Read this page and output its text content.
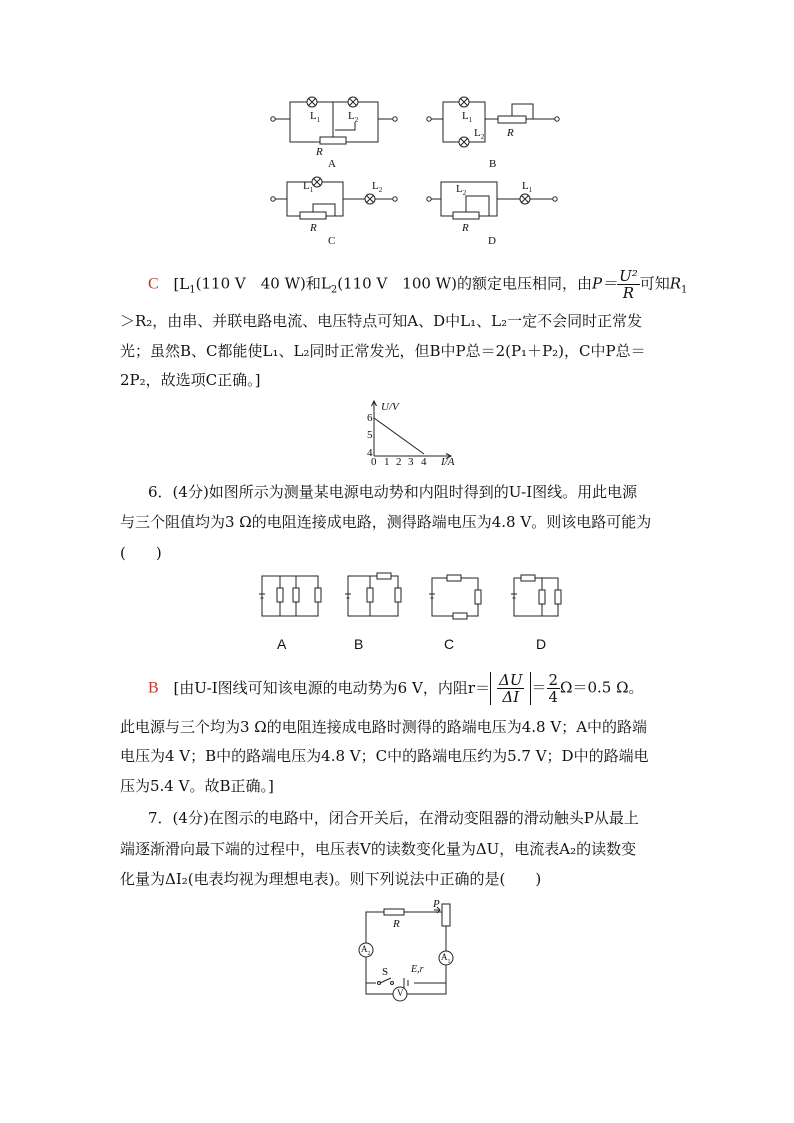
$L_1$	$L_2$
R
A
$L_1$
$L_2$ R
B
$L_1$	$L_2$
R
C
$L_2$
$L_1$
R
D
C [$L_1(110$ V　40 W)和$L_2(110$ V　100 W)的额定电压相同，由$P= \frac{\text{U²}}{R}$ 可知$R_1$
＞R₂，由串、并联电路电流、电压特点可知A、D中L₁、L₂一定不会同时正常发
光；虽然B、C都能使L₁、L₂同时正常发光，但B中P总＝2(P₁＋P₂)，C中P总＝
2P₂，故选项C正确。]
U/V
6
5
4
0 1 2 3 4 I/A
6．(4分)如图所示为测量某电源电动势和内阻时得到的U-I图线。用此电源
与三个阻值均为3 Ω的电阻连接成电路，测得路端电压为4.8 V。则该电路可能为
(　　)
A	B	C	D
B [由U-I图线可知该电源的电动势为6 V，内阻$r= \frac{\Delta U}{\Delta I} = \frac{2}{4} \Omega=0.5$ Ω。
此电源与三个均为3 Ω的电阻连接成电路时测得的路端电压为4.8 V；A中的路端
电压为4 V；B中的路端电压为4.8 V；C中的路端电压约为5.7 V；D中的路端电
压为5.4 V。故B正确。]
7．(4分)在图示的电路中，闭合开关后，在滑动变阻器的滑动触头P从最上
端逐渐滑向最下端的过程中，电压表V的读数变化量为ΔU，电流表A₂的读数变
化量为ΔI₂(电表均视为理想电表)。则下列说法中正确的是(　　)
P
R
$A_2$	$A_1$
S E,r
V
